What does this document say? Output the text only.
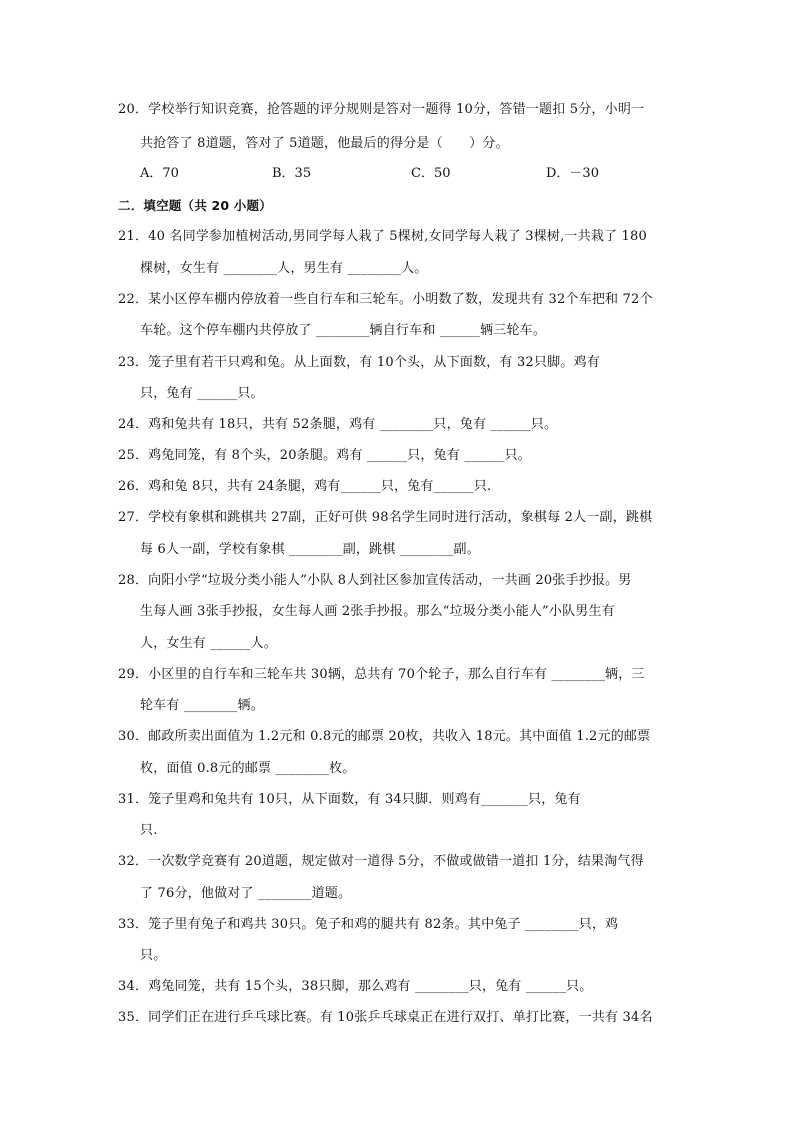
20．学校举行知识竞赛，抢答题的评分规则是答对一题得 10分，答错一题扣 5分，小明一
共抢答了 8道题，答对了 5道题，他最后的得分是（　　）分。
A．70	B．35	C．50	D．－30
二．填空题（共 20 小题）
21．40 名同学参加植树活动,男同学每人栽了 5棵树,女同学每人栽了 3棵树,一共栽了 180
棵树，女生有 ________人，男生有 ________人。
22．某小区停车棚内停放着一些自行车和三轮车。小明数了数，发现共有 32个车把和 72个
车轮。这个停车棚内共停放了 ________辆自行车和 ______辆三轮车。
23．笼子里有若干只鸡和兔。从上面数，有 10个头，从下面数，有 32只脚。鸡有
只，兔有 ______只。
24．鸡和兔共有 18只，共有 52条腿，鸡有 ________只，兔有 ______只。
25．鸡兔同笼，有 8个头，20条腿。鸡有 ______只，兔有 ______只。
26．鸡和兔 8只，共有 24条腿，鸡有______只，兔有______只.
27．学校有象棋和跳棋共 27副，正好可供 98名学生同时进行活动，象棋每 2人一副，跳棋
每 6人一副，学校有象棋 ________副，跳棋 ________副。
28．向阳小学“垃圾分类小能人”小队 8人到社区参加宣传活动，一共画 20张手抄报。男
生每人画 3张手抄报，女生每人画 2张手抄报。那么“垃圾分类小能人”小队男生有
人，女生有 ______人。
29．小区里的自行车和三轮车共 30辆，总共有 70个轮子，那么自行车有 ________辆，三
轮车有 ________辆。
30．邮政所卖出面值为 1.2元和 0.8元的邮票 20枚，共收入 18元。其中面值 1.2元的邮票
枚，面值 0.8元的邮票 ________枚。
31．笼子里鸡和兔共有 10只，从下面数，有 34只脚．则鸡有_______只，兔有
只.
32．一次数学竞赛有 20道题，规定做对一道得 5分，不做或做错一道扣 1分，结果淘气得
了 76分，他做对了 ________道题。
33．笼子里有兔子和鸡共 30只。兔子和鸡的腿共有 82条。其中兔子 ________只，鸡
只。
34．鸡兔同笼，共有 15个头，38只脚，那么鸡有 ________只，兔有 ______只。
35．同学们正在进行乒乓球比赛。有 10张乒乓球桌正在进行双打、单打比赛，一共有 34名
